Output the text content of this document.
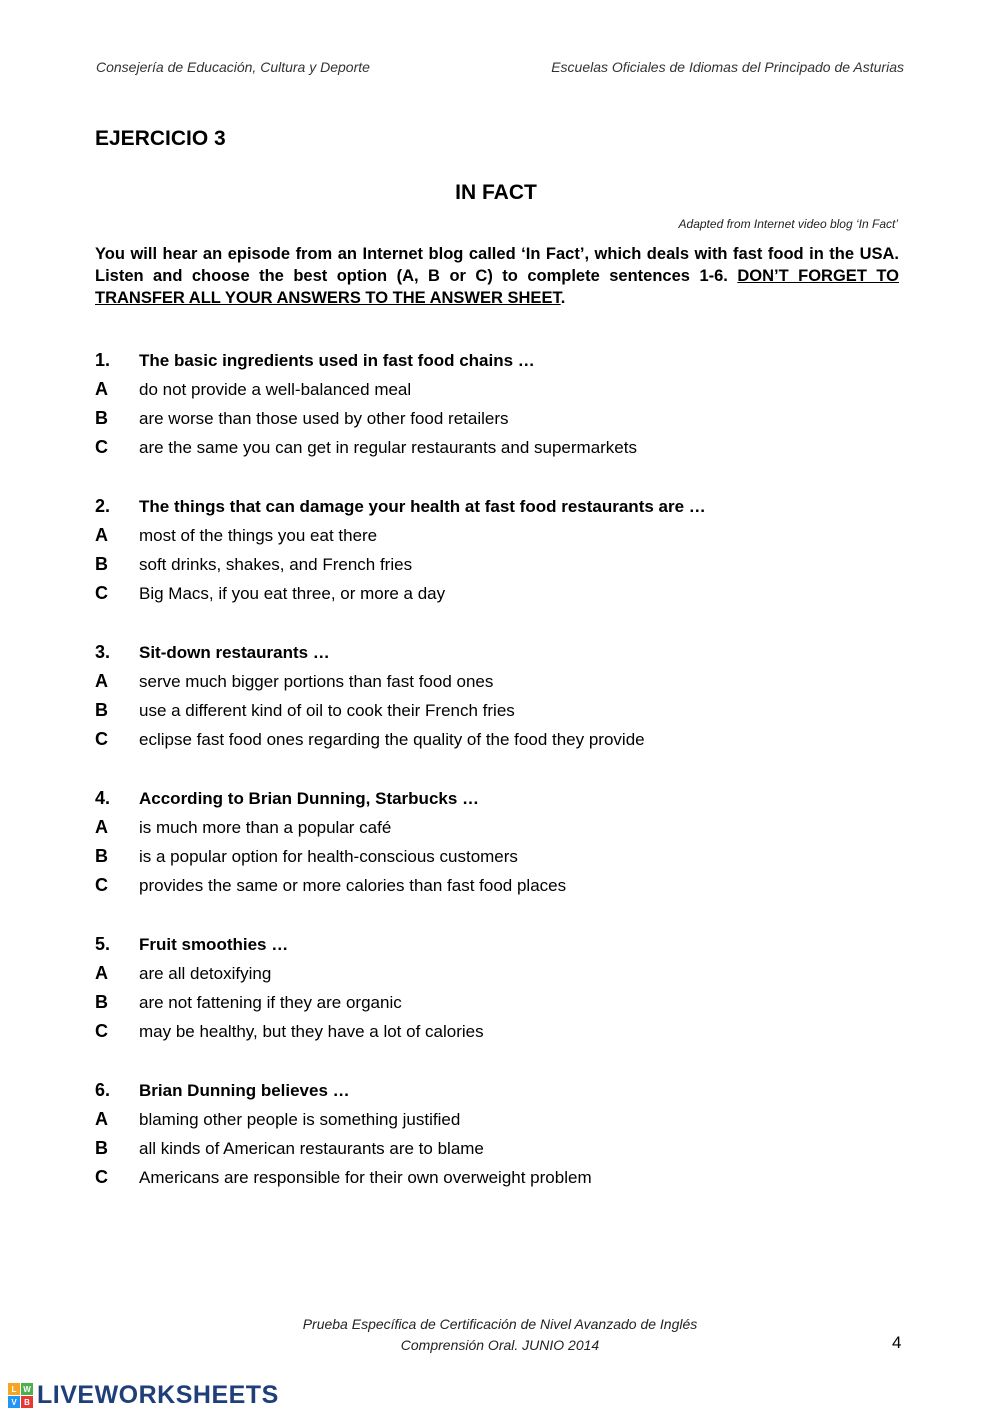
Consejería de Educación, Cultura y Deporte	Escuelas Oficiales de Idiomas del Principado de Asturias
EJERCICIO 3
IN FACT
Adapted from Internet video blog ‘In Fact’
You will hear an episode from an Internet blog called ‘In Fact’, which deals with fast food in the USA. Listen and choose the best option (A, B or C) to complete sentences 1-6. DON’T FORGET TO TRANSFER ALL YOUR ANSWERS TO THE ANSWER SHEET.
1.	The basic ingredients used in fast food chains …
A	do not provide a well-balanced meal
B	are worse than those used by other food retailers
C	are the same you can get in regular restaurants and supermarkets
2.	The things that can damage your health at fast food restaurants are …
A	most of the things you eat there
B	soft drinks, shakes, and French fries
C	Big Macs, if you eat three, or more a day
3.	Sit-down restaurants …
A	serve much bigger portions than fast food ones
B	use a different kind of oil to cook their French fries
C	eclipse fast food ones regarding the quality of the food they provide
4.	According to Brian Dunning, Starbucks …
A	is much more than a popular café
B	is a popular option for health-conscious customers
C	provides the same or more calories than fast food places
5.	Fruit smoothies …
A	are all detoxifying
B	are not fattening if they are organic
C	may be healthy, but they have a lot of calories
6.	Brian Dunning believes …
A	blaming other people is something justified
B	all kinds of American restaurants are to blame
C	Americans are responsible for their own overweight problem
Prueba Específica de Certificación de Nivel Avanzado de Inglés
Comprensión Oral. JUNIO 2014	4
L W
V B LIVEWORKSHEETS
